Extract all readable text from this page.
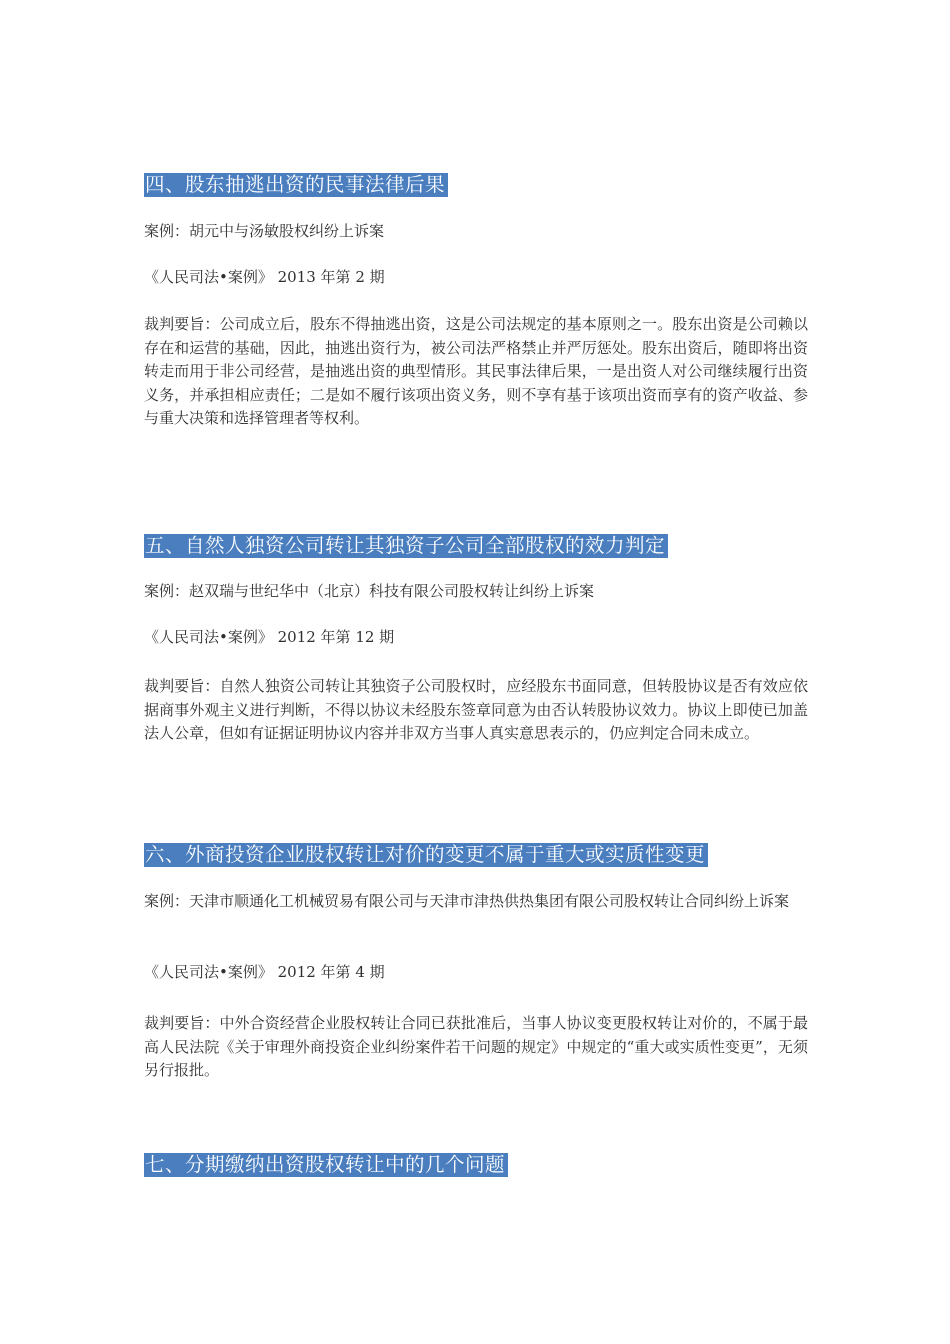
四、股东抽逃出资的民事法律后果
案例：胡元中与汤敏股权纠纷上诉案
《人民司法•案例》 2013 年第 2 期
裁判要旨：公司成立后，股东不得抽逃出资，这是公司法规定的基本原则之一。股东出资是公司赖以存在和运营的基础，因此，抽逃出资行为，被公司法严格禁止并严厉惩处。股东出资后，随即将出资转走而用于非公司经营，是抽逃出资的典型情形。其民事法律后果，一是出资人对公司继续履行出资义务，并承担相应责任；二是如不履行该项出资义务，则不享有基于该项出资而享有的资产收益、参与重大决策和选择管理者等权利。
五、自然人独资公司转让其独资子公司全部股权的效力判定
案例：赵双瑞与世纪华中（北京）科技有限公司股权转让纠纷上诉案
《人民司法•案例》 2012 年第 12 期
裁判要旨：自然人独资公司转让其独资子公司股权时，应经股东书面同意，但转股协议是否有效应依据商事外观主义进行判断，不得以协议未经股东签章同意为由否认转股协议效力。协议上即使已加盖法人公章，但如有证据证明协议内容并非双方当事人真实意思表示的，仍应判定合同未成立。
六、外商投资企业股权转让对价的变更不属于重大或实质性变更
案例：天津市顺通化工机械贸易有限公司与天津市津热供热集团有限公司股权转让合同纠纷上诉案
《人民司法•案例》 2012 年第 4 期
裁判要旨：中外合资经营企业股权转让合同已获批准后，当事人协议变更股权转让对价的，不属于最高人民法院《关于审理外商投资企业纠纷案件若干问题的规定》中规定的“重大或实质性变更”，无须另行报批。
七、分期缴纳出资股权转让中的几个问题
